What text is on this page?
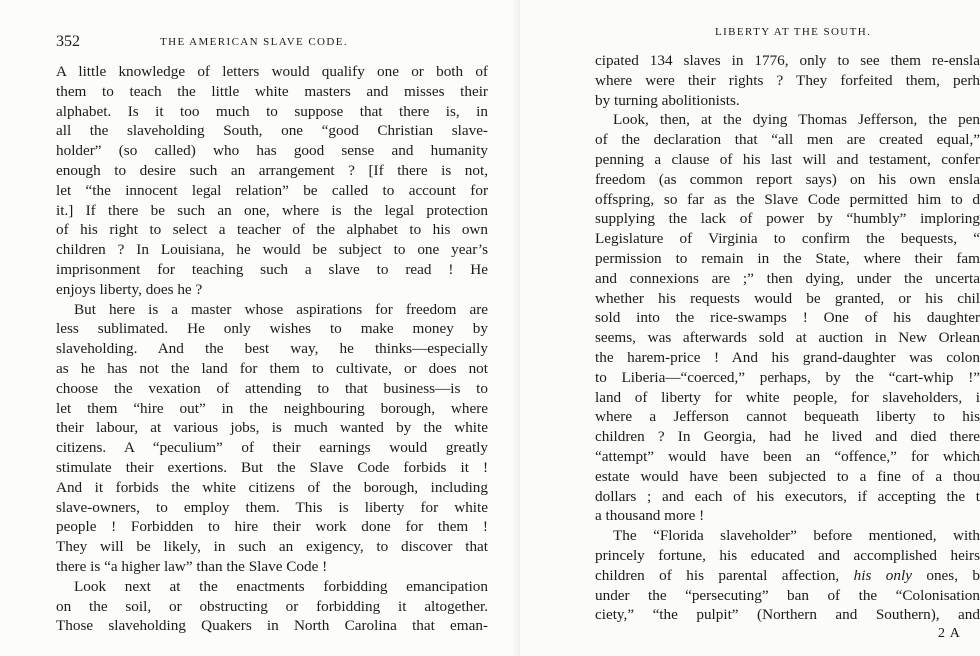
352	THE AMERICAN SLAVE CODE.
A little knowledge of letters would qualify one or both of
them to teach the little white masters and misses their
alphabet. Is it too much to suppose that there is, in
all the slaveholding South, one “good Christian slave-
holder” (so called) who has good sense and humanity
enough to desire such an arrangement ? [If there is not,
let “the innocent legal relation” be called to account for
it.] If there be such an one, where is the legal protection
of his right to select a teacher of the alphabet to his own
children ? In Louisiana, he would be subject to one year’s
imprisonment for teaching such a slave to read ! He
enjoys liberty, does he ?
But here is a master whose aspirations for freedom are
less sublimated. He only wishes to make money by
slaveholding. And the best way, he thinks—especially
as he has not the land for them to cultivate, or does not
choose the vexation of attending to that business—is to
let them “hire out” in the neighbouring borough, where
their labour, at various jobs, is much wanted by the white
citizens. A “peculium” of their earnings would greatly
stimulate their exertions. But the Slave Code forbids it !
And it forbids the white citizens of the borough, including
slave-owners, to employ them. This is liberty for white
people ! Forbidden to hire their work done for them !
They will be likely, in such an exigency, to discover that
there is “a higher law” than the Slave Code !
Look next at the enactments forbidding emancipation
on the soil, or obstructing or forbidding it altogether.
Those slaveholding Quakers in North Carolina that eman-
LIBERTY AT THE SOUTH.
cipated 134 slaves in 1776, only to see them re-ensla
where were their rights ? They forfeited them, perh
by turning abolitionists.
Look, then, at the dying Thomas Jefferson, the pen
of the declaration that “all men are created equal,”
penning a clause of his last will and testament, confer
freedom (as common report says) on his own ensla
offspring, so far as the Slave Code permitted him to d
supplying the lack of power by “humbly” imploring
Legislature of Virginia to confirm the bequests, “
permission to remain in the State, where their fam
and connexions are ;” then dying, under the uncerta
whether his requests would be granted, or his chil
sold into the rice-swamps ! One of his daughter
seems, was afterwards sold at auction in New Orlean
the harem-price ! And his grand-daughter was colon
to Liberia—“coerced,” perhaps, by the “cart-whip !”
land of liberty for white people, for slaveholders, i
where a Jefferson cannot bequeath liberty to his
children ? In Georgia, had he lived and died there
“attempt” would have been an “offence,” for which
estate would have been subjected to a fine of a thou
dollars ; and each of his executors, if accepting the t
a thousand more !
The “Florida slaveholder” before mentioned, with
princely fortune, his educated and accomplished heirs
children of his parental affection, his only ones, b
under the “persecuting” ban of the “Colonisation
ciety,” “the pulpit” (Northern and Southern), and
2 A
